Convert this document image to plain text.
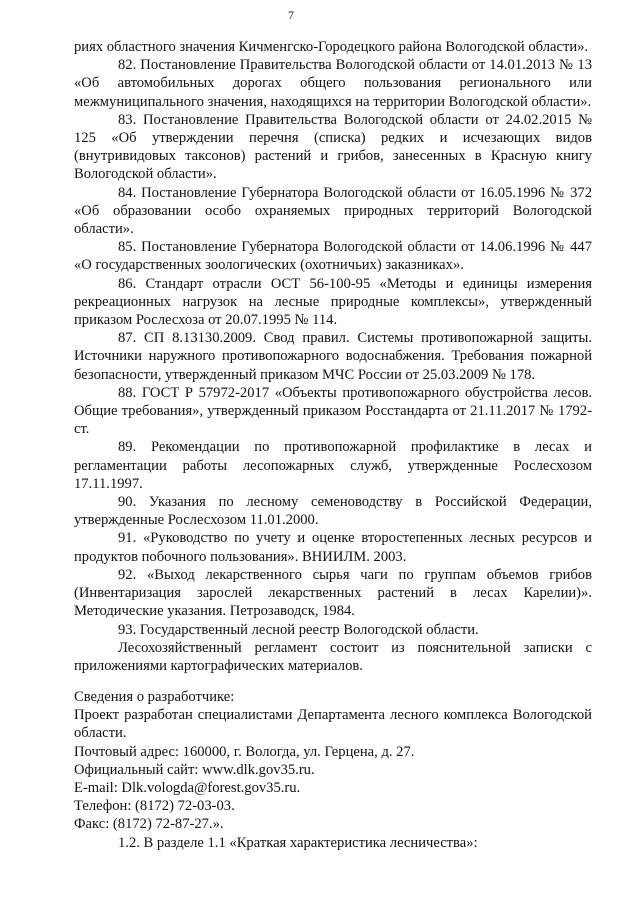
7

риях областного значения Кичменгско-Городецкого района Вологодской области».

82. Постановление Правительства Вологодской области от 14.01.2013 № 13 «Об автомобильных дорогах общего пользования регионального или межмуниципального значения, находящихся на территории Вологодской области».

83. Постановление Правительства Вологодской области от 24.02.2015 № 125 «Об утверждении перечня (списка) редких и исчезающих видов (внутривидовых таксонов) растений и грибов, занесенных в Красную книгу Вологодской области».

84. Постановление Губернатора Вологодской области от 16.05.1996 № 372 «Об образовании особо охраняемых природных территорий Вологодской области».

85. Постановление Губернатора Вологодской области от 14.06.1996 № 447 «О государственных зоологических (охотничьих) заказниках».

86. Стандарт отрасли ОСТ 56-100-95 «Методы и единицы измерения рекреационных нагрузок на лесные природные комплексы», утвержденный приказом Рослесхоза от 20.07.1995 № 114.

87. СП 8.13130.2009. Свод правил. Системы противопожарной защиты. Источники наружного противопожарного водоснабжения. Требования пожарной безопасности, утвержденный приказом МЧС России от 25.03.2009 № 178.

88. ГОСТ Р 57972-2017 «Объекты противопожарного обустройства лесов. Общие требования», утвержденный приказом Росстандарта от 21.11.2017 № 1792-ст.

89. Рекомендации по противопожарной профилактике в лесах и регламентации работы лесопожарных служб, утвержденные Рослесхозом 17.11.1997.

90. Указания по лесному семеноводству в Российской Федерации, утвержденные Рослесхозом 11.01.2000.

91. «Руководство по учету и оценке второстепенных лесных ресурсов и продуктов побочного пользования». ВНИИЛМ. 2003.

92. «Выход лекарственного сырья чаги по группам объемов грибов (Инвентаризация зарослей лекарственных растений в лесах Карелии)». Методические указания. Петрозаводск, 1984.

93. Государственный лесной реестр Вологодской области.

Лесохозяйственный регламент состоит из пояснительной записки с приложениями картографических материалов.

Сведения о разработчике:

Проект разработан специалистами Департамента лесного комплекса Вологодской области.

Почтовый адрес: 160000, г. Вологда, ул. Герцена, д. 27.

Официальный сайт: www.dlk.gov35.ru.

E-mail: Dlk.vologda@forest.gov35.ru.

Телефон: (8172) 72-03-03.

Факс: (8172) 72-87-27.».

1.2. В разделе 1.1 «Краткая характеристика лесничества»:
